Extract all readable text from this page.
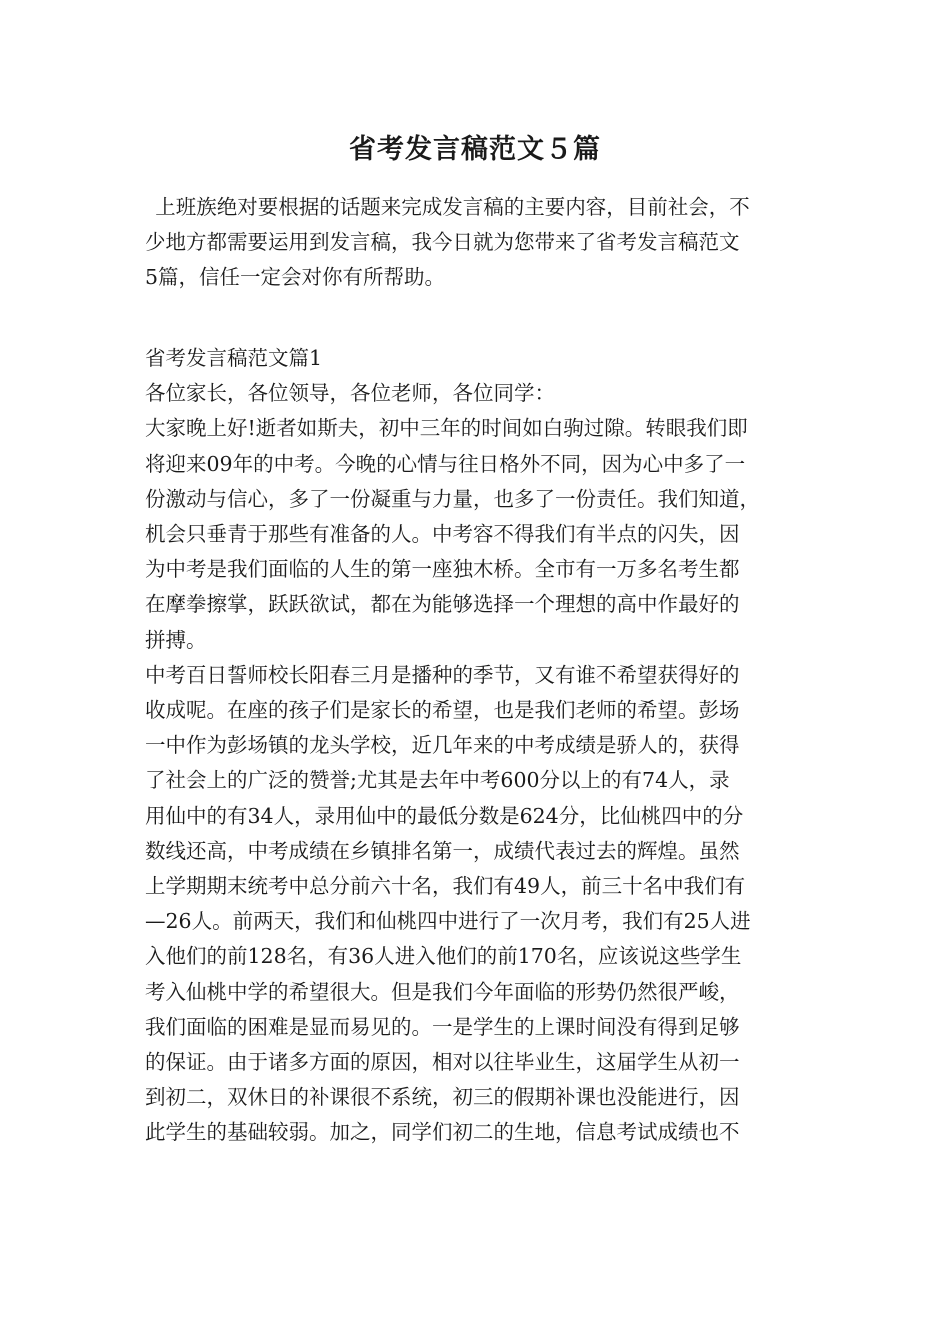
省考发言稿范文５篇
上班族绝对要根据的话题来完成发言稿的主要内容，目前社会，不
少地方都需要运用到发言稿，我今日就为您带来了省考发言稿范文
5篇，信任一定会对你有所帮助。
省考发言稿范文篇1
各位家长，各位领导，各位老师，各位同学：
大家晚上好!逝者如斯夫，初中三年的时间如白驹过隙。转眼我们即
将迎来09年的中考。今晚的心情与往日格外不同，因为心中多了一
份激动与信心，多了一份凝重与力量，也多了一份责任。我们知道，
机会只垂青于那些有准备的人。中考容不得我们有半点的闪失，因
为中考是我们面临的人生的第一座独木桥。全市有一万多名考生都
在摩拳擦掌，跃跃欲试，都在为能够选择一个理想的高中作最好的
拼搏。
中考百日誓师校长阳春三月是播种的季节，又有谁不希望获得好的
收成呢。在座的孩子们是家长的希望，也是我们老师的希望。彭场
一中作为彭场镇的龙头学校，近几年来的中考成绩是骄人的，获得
了社会上的广泛的赞誉;尤其是去年中考600分以上的有74人，录
用仙中的有34人，录用仙中的最低分数是624分，比仙桃四中的分
数线还高，中考成绩在乡镇排名第一，成绩代表过去的辉煌。虽然
上学期期末统考中总分前六十名，我们有49人，前三十名中我们有
—26人。前两天，我们和仙桃四中进行了一次月考，我们有25人进
入他们的前128名，有36人进入他们的前170名，应该说这些学生
考入仙桃中学的希望很大。但是我们今年面临的形势仍然很严峻，
我们面临的困难是显而易见的。一是学生的上课时间没有得到足够
的保证。由于诸多方面的原因，相对以往毕业生，这届学生从初一
到初二，双休日的补课很不系统，初三的假期补课也没能进行，因
此学生的基础较弱。加之，同学们初二的生地，信息考试成绩也不
